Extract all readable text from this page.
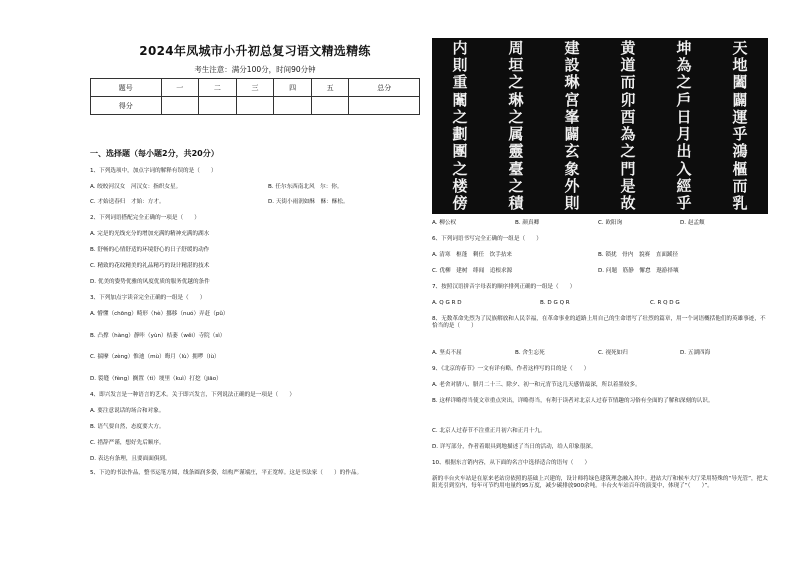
2024年凤城市小升初总复习语文精选精练
考生注意：满分100分，时间90分钟
题号	一	二	三	四	五	总分
得分						
一、选择题（每小题2分，共20分）
1、下列选项中，加点字词的解释有误的是（　　）
A. 皎皎河汉女　河汉女：指织女星。	B. 任尔东西南北风　尔：你。
C. 才始送春归　才始：方才。	D. 天街小雨润如酥　酥：酥松。
2、下列词语搭配完全正确的一项是（　　）
A. 完是的光线充分的增加充满的精神充满的湖水
B. 舒畅的心情舒适的环境舒心的日子舒缓的动作
C. 精致的花纹精美的礼品精巧的设计精湛的技术
D. 优美的姿势优雅的风度优质的服务优越的条件
3、下列加点字读音完全正确的一组是（　　）
A. 懵懂（chōng）畸形（hè）挪移（nuó）弄赶（pǔ）
B. 凸撑（hàng）静咔（yùn）桔萎（wěi）寺院（sì）
C. 揣摩（zèng）惟迪（mù）晦月（lù）拥啰（lù）
D. 裂缝（fèng）搁置（tì）埂里（kuì）打挖（jiāo）
4、即兴发言是一种语言的艺术。关于即兴发言，下列说法正确的是一项是（　　）
A. 要注意说话的场合和对象。
B. 语气要自然，态度要大方。
C. 措辞严谨，想好先后顺序。
D. 表达有条理，且要面面俱到。
5、下边的书法作品，整书运笔方圆，线条圆润多姿，结构严谨端庄，平正宽绰。这是书法家（　　）的作品。
天
地
闔
闢
運
乎
鴻
樞
而
乳
坤
為
之
戶
日
月
出
入
經
乎
黄
道
而
卯
酉
為
之
門
是
故
建
設
琳
宮
峯
闢
玄
象
外
則
周
垣
之
琳
之
属
靈
臺
之
積
内
則
重
闈
之
劃
團
之
楼
傍
A. 柳公权	B. 颜真卿	C. 欧阳询	D. 赵孟頫
6、下列词语书写完全正确的一组是（　　）
A. 清寒　枢蓬　剩任　饮手拈来	B. 锁扰　骨内　貌赛　直面蹊径
C. 优柳　建树　绯闻　追根求源	D. 问题　筋静　懈怠　遨游择壤
7、按照汉语拼音字母表的顺序排列正确的一组是（　　）
A. Q G R D	B. D G Q R	C. R Q D G
8、无数革命先烈为了民族解放和人民幸福，在革命事业的道路上用自己的生命谱写了壮烈的篇章，用一个词语概括他们的英雄事迹，不恰当的是（　　）
A. 坚贞不屈	B. 舍生忘死	C. 视死如归	D. 五湖四海
9、《北京的春节》一文有详有略，作者这样写的目的是（　　）
A. 老舍对腊八、腊月二十三、除夕、初一和元宵节这几天感情最深，所以着墨较多。
B. 这样详略得当使文章重点突出，详略得当，有利于读者对北京人过春节情趣的习俗有全面的了解和深刻的认识。
C. 北京人过春节不注重正月初六和正月十九。
D. 详写部分，作者着眼具到地描述了当日的活动，给人印象很深。
10、根据东言销内容，从下面的名言中选择适合的语句（　　）
新的丰台火车站是在原来老站房依照的基础上兴建的，设计师将绿色建筑理念融入其中。进站大厅和候车大厅采用特殊的“导光管”，把太阳光引到室内，每年可节约用电量约95万度，减少碳排放900余吨。丰台火车站百年的演变中，体现了“（　　）”。
